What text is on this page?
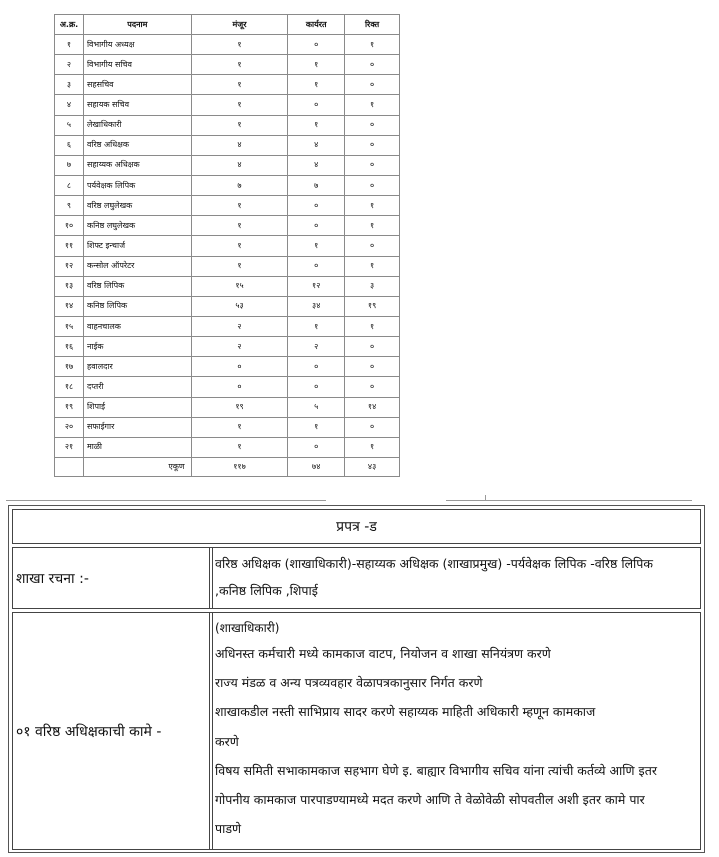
अ.क्र.	पदनाम	मंजूर	कार्यरत	रिक्त
१	विभागीय अध्यक्ष	१	०	१
२	विभागीय सचिव	१	१	०
३	सहसचिव	१	१	०
४	सहायक सचिव	१	०	१
५	लेखाधिकारी	१	१	०
६	वरिष्ठ अधिक्षक	४	४	०
७	सहाय्यक अधिक्षक	४	४	०
८	पर्यवेक्षक लिपिक	७	७	०
९	वरिष्ठ लघुलेखक	१	०	१
१०	कनिष्ठ लघुलेखक	१	०	१
११	शिफ्ट इन्चार्ज	१	१	०
१२	कन्सोल ऑपरेटर	१	०	१
१३	वरिष्ठ लिपिक	१५	१२	३
१४	कनिष्ठ लिपिक	५३	३४	१९
१५	वाहनचालक	२	१	१
१६	नाईक	२	२	०
१७	हवालदार	०	०	०
१८	दप्तरी	०	०	०
१९	शिपाई	१९	५	१४
२०	सफाईगार	१	१	०
२१	माळी	१	०	१
	एकूण	११७	७४	४३
प्रपत्र -ड
शाखा रचना :-
वरिष्ठ अधिक्षक (शाखाधिकारी)-सहाय्यक अधिक्षक (शाखाप्रमुख) -पर्यवेक्षक लिपिक -वरिष्ठ लिपिक
,कनिष्ठ लिपिक ,शिपाई
०१ वरिष्ठ अधिक्षकाची कामे -
(शाखाधिकारी)
अधिनस्त कर्मचारी मध्ये कामकाज वाटप, नियोजन व शाखा सनियंत्रण करणे
राज्य मंडळ व अन्य पत्रव्यवहार वेळापत्रकानुसार निर्गत करणे
शाखाकडील नस्ती साभिप्राय सादर करणे सहाय्यक माहिती अधिकारी म्हणून कामकाज
करणे
विषय समिती सभाकामकाज सहभाग घेणे इ. बाह्यार विभागीय सचिव यांना त्यांची कर्तव्ये आणि इतर
गोपनीय कामकाज पारपाडण्यामध्ये मदत करणे आणि ते वेळोवेळी सोपवतील अशी इतर कामे पार
पाडणे
